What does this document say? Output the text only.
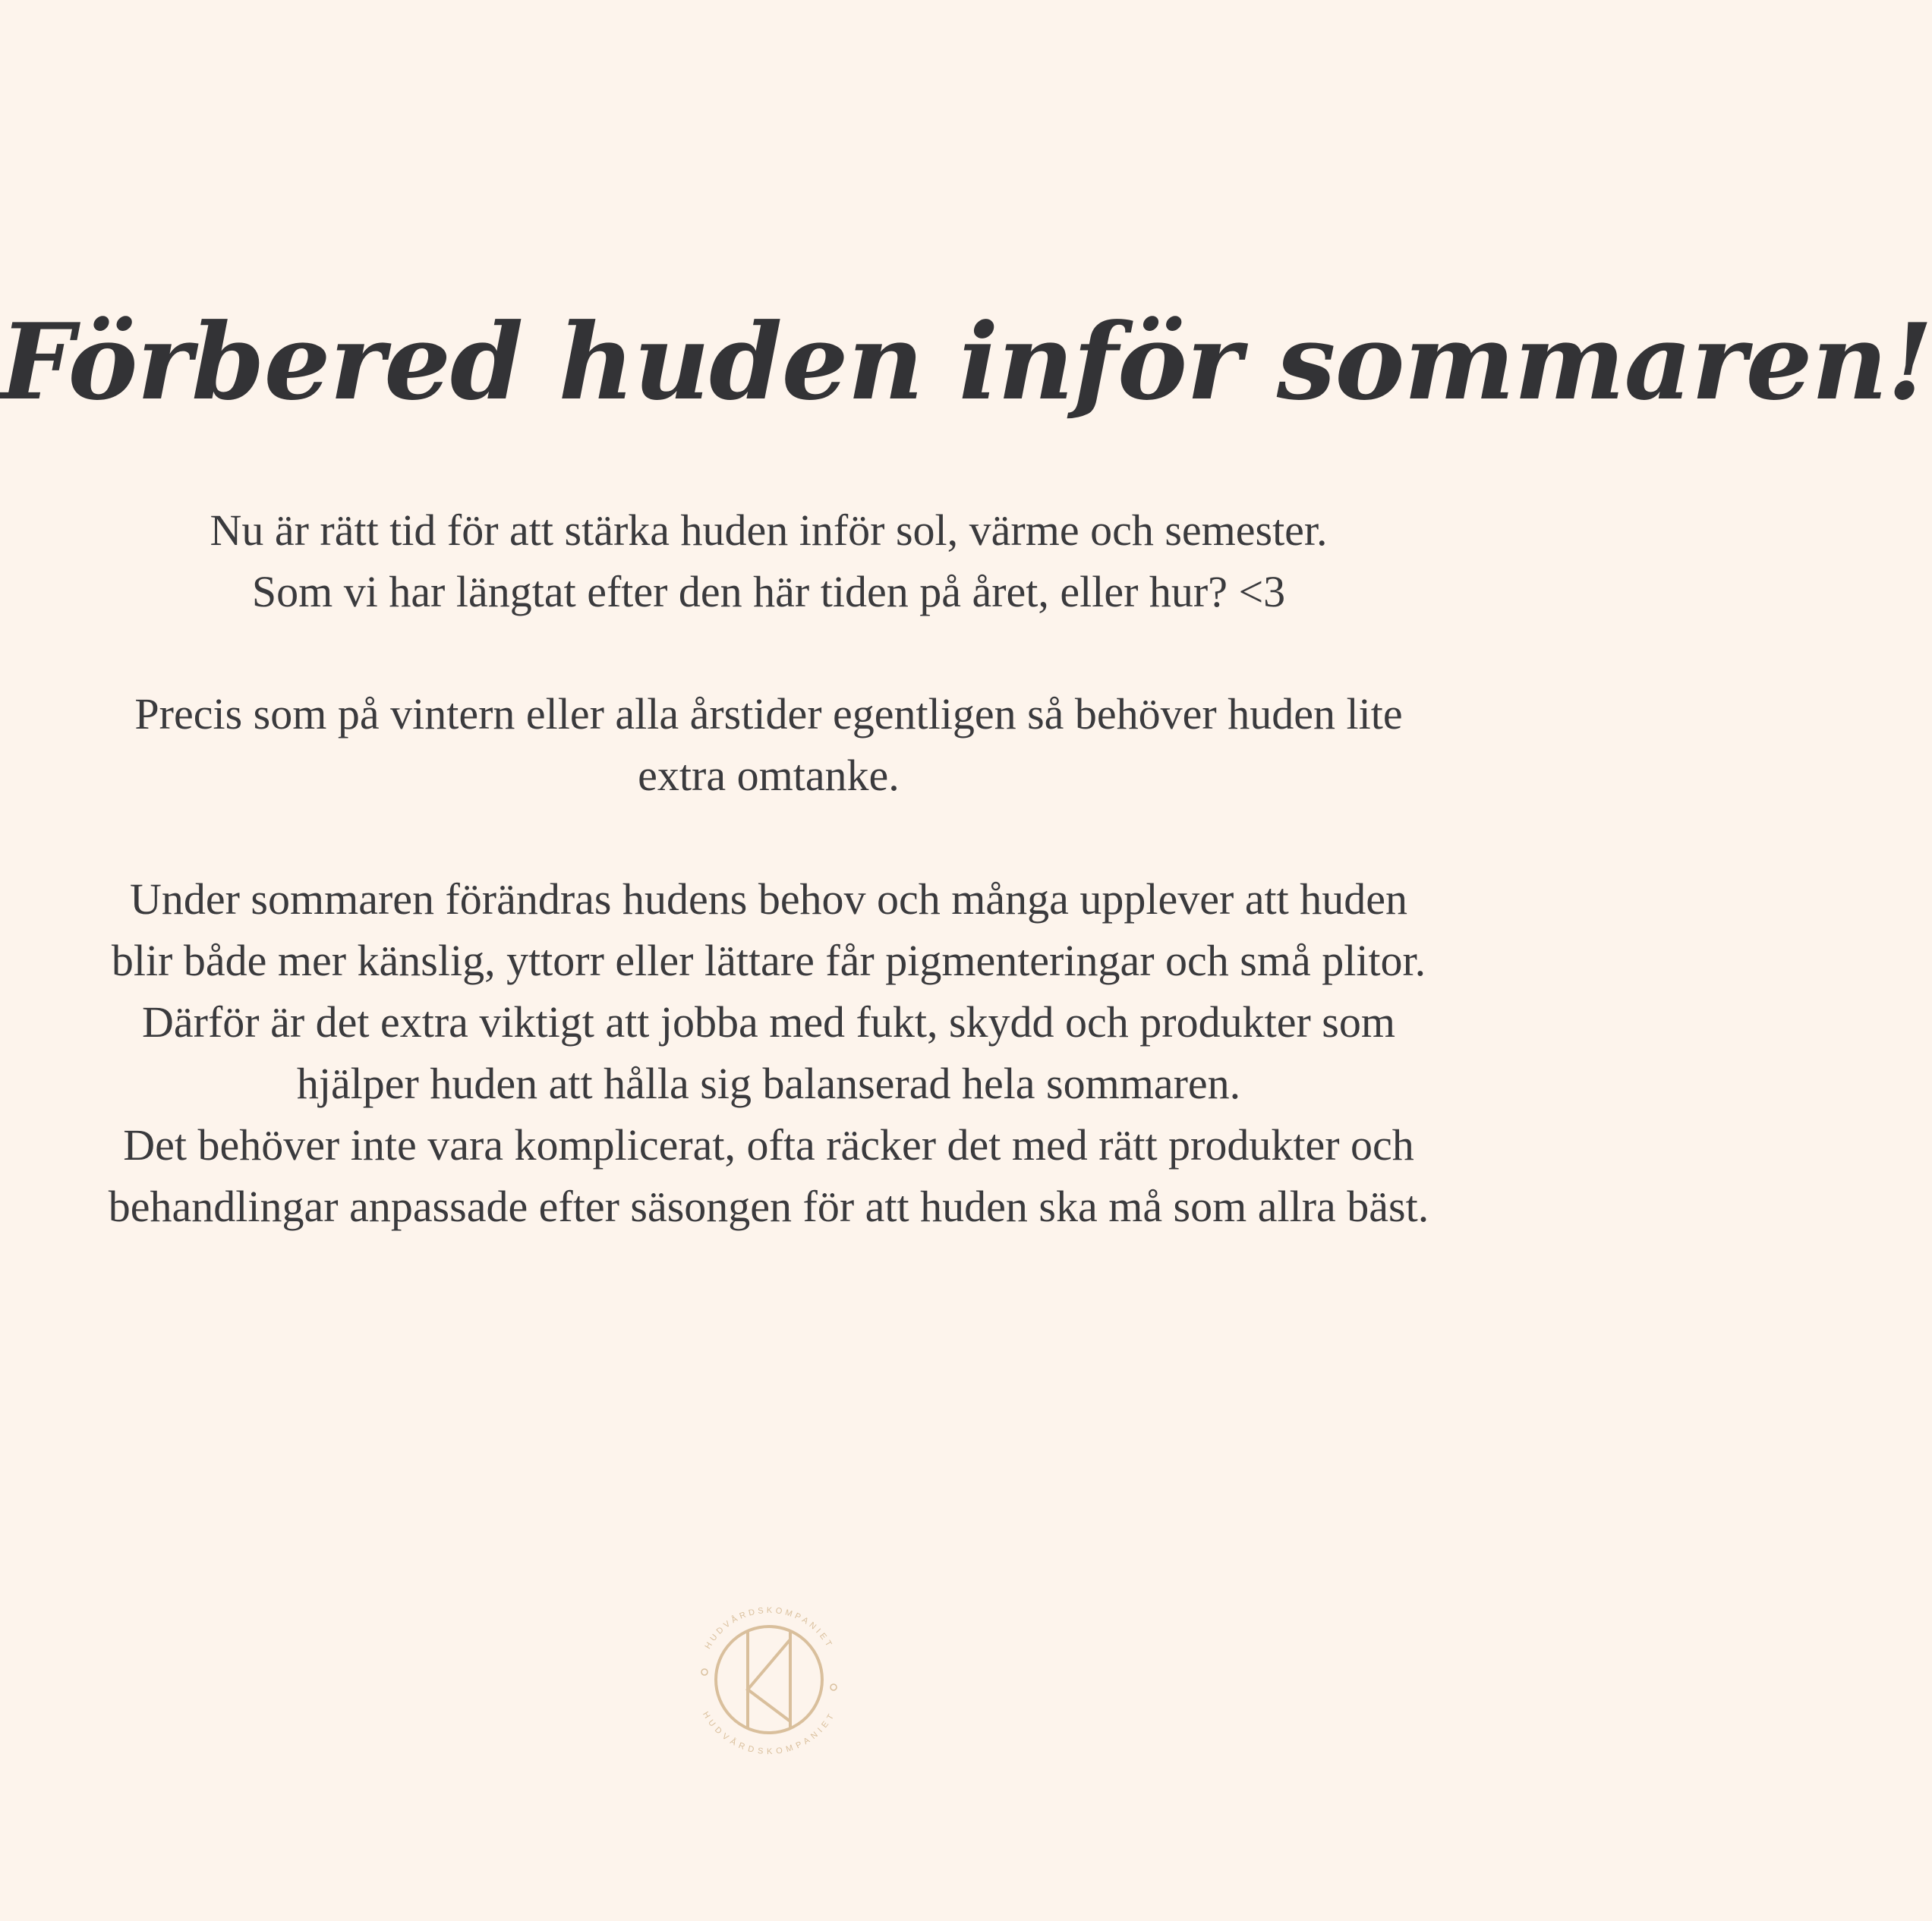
Förbered huden inför sommaren!
Nu är rätt tid för att stärka huden inför sol, värme och semester.
Som vi har längtat efter den här tiden på året, eller hur? <3
Precis som på vintern eller alla årstider egentligen så behöver huden lite
extra omtanke.
Under sommaren förändras hudens behov och många upplever att huden
blir både mer känslig, yttorr eller lättare får pigmenteringar och små plitor.
Därför är det extra viktigt att jobba med fukt, skydd och produkter som
hjälper huden att hålla sig balanserad hela sommaren.
Det behöver inte vara komplicerat, ofta räcker det med rätt produkter och
behandlingar anpassade efter säsongen för att huden ska må som allra bäst.
HUDVÅRDSKOMPANIET
HUDVÅRDSKOMPANIET
